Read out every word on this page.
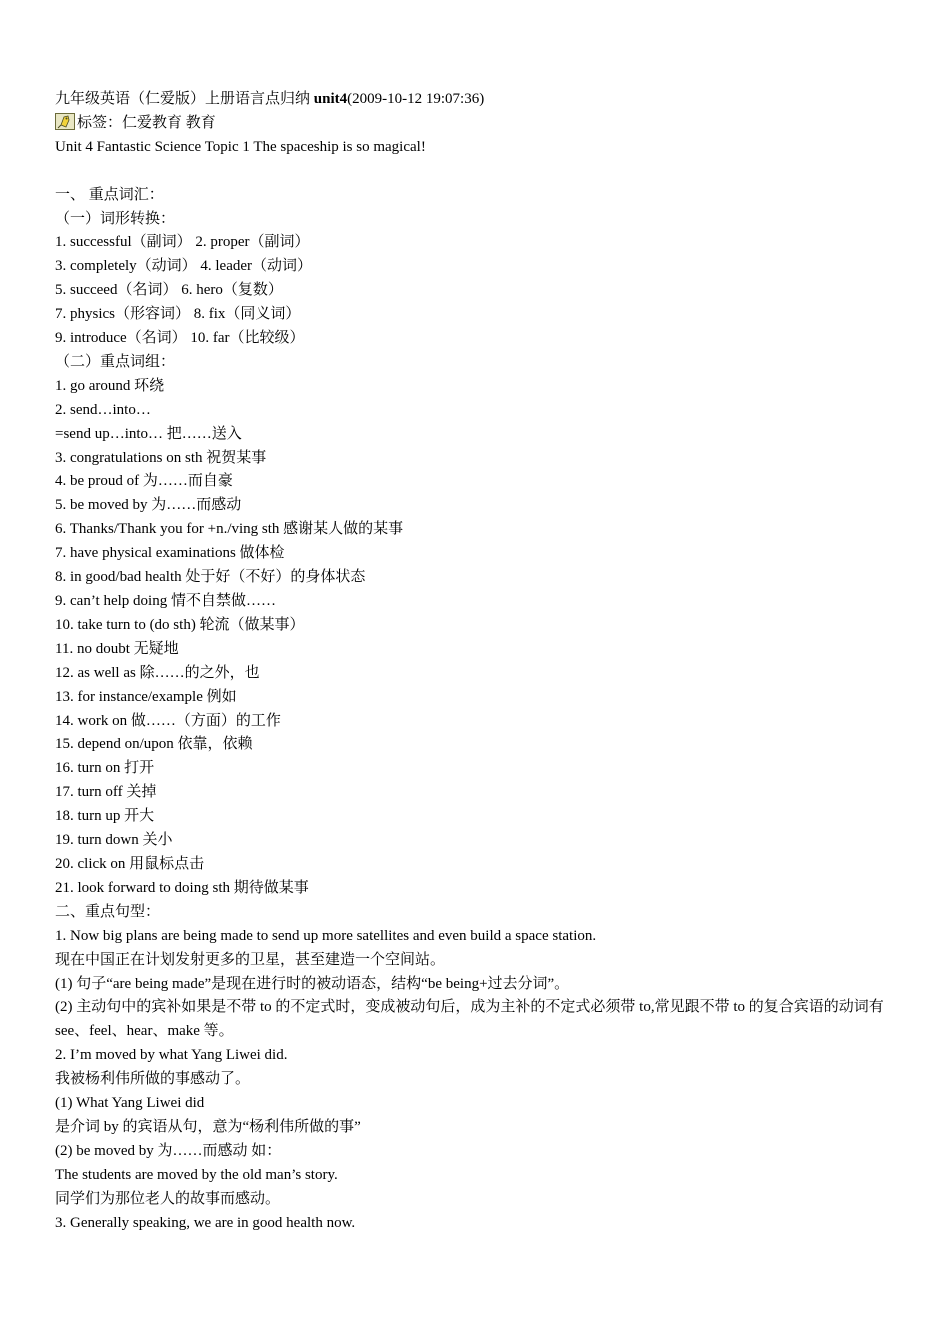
九年级英语（仁爱版）上册语言点归纳 unit4(2009-10-12 19:07:36)
标签：仁爱教育 教育
Unit 4 Fantastic Science Topic 1 The spaceship is so magical!
一、 重点词汇：
（一）词形转换：
1. successful（副词） 2. proper（副词）
3. completely（动词） 4. leader（动词）
5. succeed（名词） 6. hero（复数）
7. physics（形容词） 8. fix（同义词）
9. introduce（名词） 10. far（比较级）
（二）重点词组：
1. go around 环绕
2. send…into…
=send up…into… 把……送入
3. congratulations on sth 祝贺某事
4. be proud of 为……而自豪
5. be moved by 为……而感动
6. Thanks/Thank you for +n./ving sth 感谢某人做的某事
7. have physical examinations 做体检
8. in good/bad health 处于好（不好）的身体状态
9. can’t help doing 情不自禁做……
10. take turn to (do sth) 轮流（做某事）
11. no doubt 无疑地
12. as well as 除……的之外，也
13. for instance/example 例如
14. work on 做……（方面）的工作
15. depend on/upon 依靠，依赖
16. turn on 打开
17. turn off 关掉
18. turn up 开大
19. turn down 关小
20. click on 用鼠标点击
21. look forward to doing sth 期待做某事
二、重点句型：
1. Now big plans are being made to send up more satellites and even build a space station.
现在中国正在计划发射更多的卫星，甚至建造一个空间站。
(1) 句子“are being made”是现在进行时的被动语态，结构“be being+过去分词”。
(2) 主动句中的宾补如果是不带 to 的不定式时，变成被动句后，成为主补的不定式必须带 to,常见跟不带 to 的复合宾语的动词有 see、feel、hear、make 等。
2. I’m moved by what Yang Liwei did.
我被杨利伟所做的事感动了。
(1) What Yang Liwei did
是介词 by 的宾语从句，意为“杨利伟所做的事”
(2) be moved by 为……而感动 如：
The students are moved by the old man’s story.
同学们为那位老人的故事而感动。
3. Generally speaking, we are in good health now.
